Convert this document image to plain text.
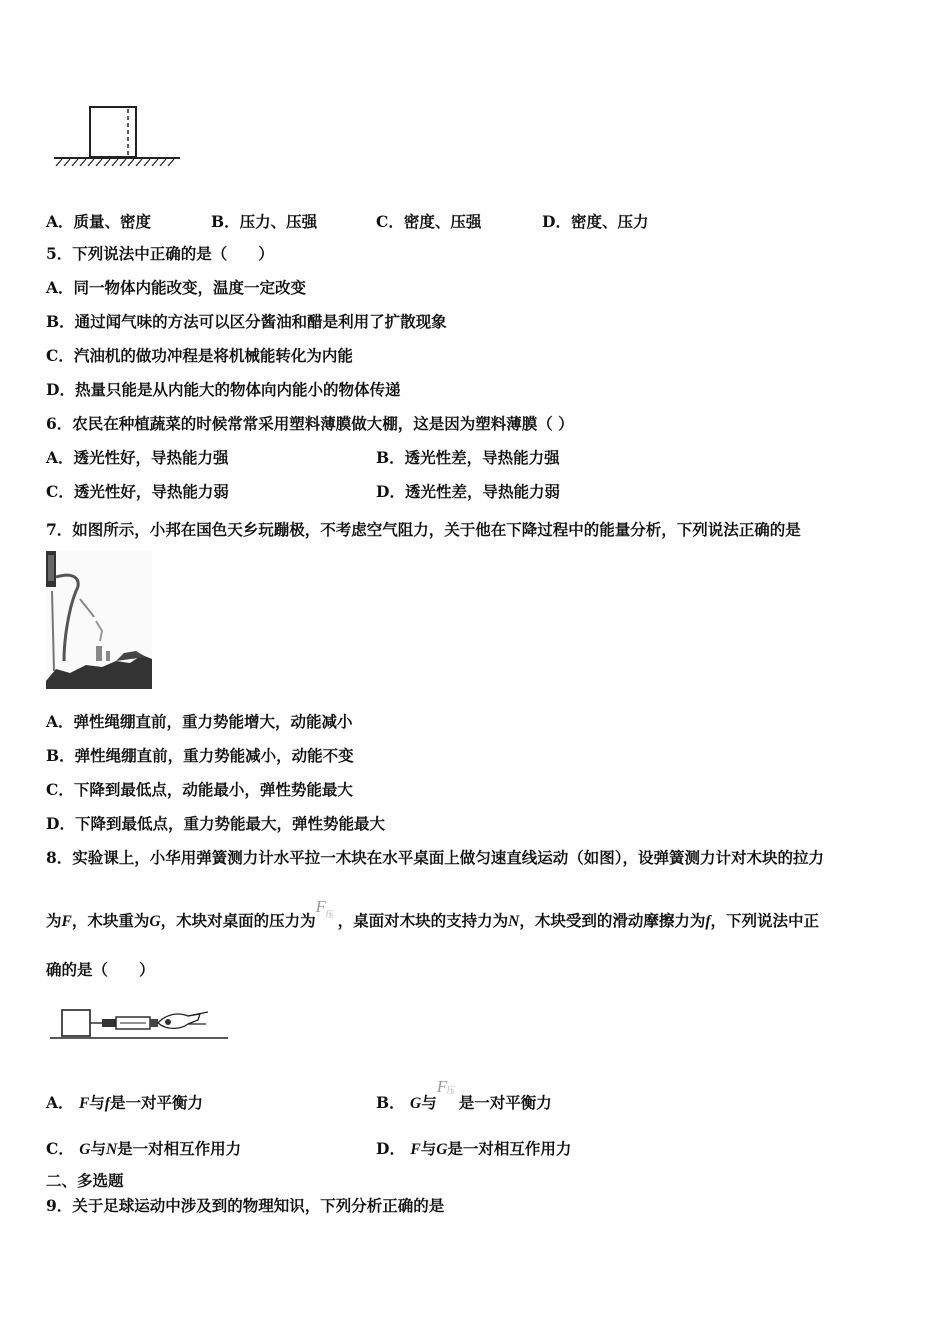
A．质量、密度	B．压力、压强	C．密度、压强	D．密度、压力
5．下列说法中正确的是（　　）
A．同一物体内能改变，温度一定改变
B．通过闻气味的方法可以区分酱油和醋是利用了扩散现象
C．汽油机的做功冲程是将机械能转化为内能
D．热量只能是从内能大的物体向内能小的物体传递
6．农民在种植蔬菜的时候常常采用塑料薄膜做大棚，这是因为塑料薄膜（ ）
A．透光性好，导热能力强	B．透光性差，导热能力强
C．透光性好，导热能力弱	D．透光性差，导热能力弱
7．如图所示，小邦在国色天乡玩蹦极，不考虑空气阻力，关于他在下降过程中的能量分析，下列说法正确的是
A．弹性绳绷直前，重力势能增大，动能减小
B．弹性绳绷直前，重力势能减小，动能不变
C．下降到最低点，动能最小，弹性势能最大
D．下降到最低点，重力势能最大，弹性势能最大
8．实验课上，小华用弹簧测力计水平拉一木块在水平桌面上做匀速直线运动（如图），设弹簧测力计对木块的拉力
为F，木块重为G，木块对桌面的压力为
F 压 ，桌面对木块的支持力为N，木块受到的滑动摩擦力为f，下列说法中正
确的是（　　）
A． F与f是一对平衡力	B． G与
F 压
是一对平衡力
C． G与N是一对相互作用力	D． F与G是一对相互作用力
二、多选题
9．关于足球运动中涉及到的物理知识，下列分析正确的是
